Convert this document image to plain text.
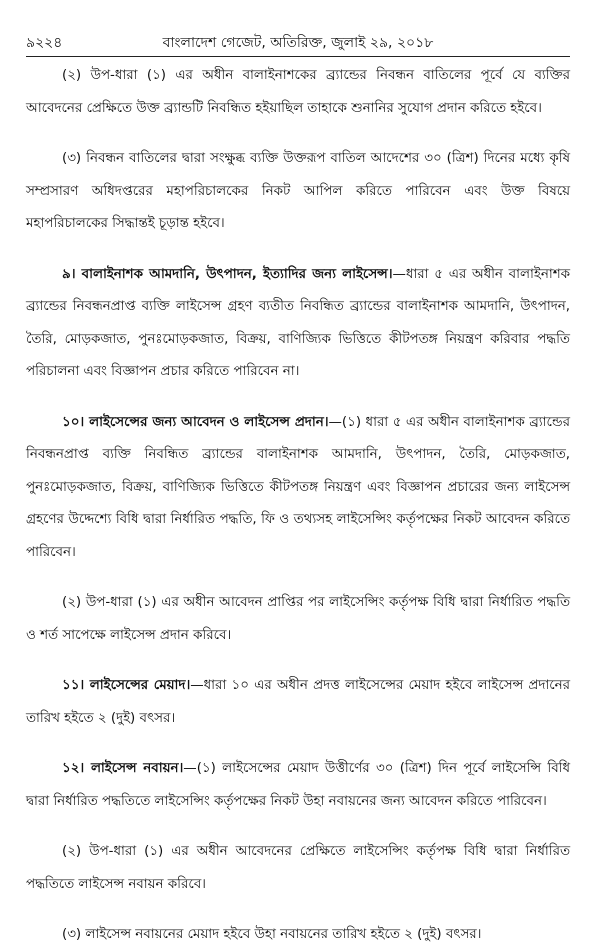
৯২২৪	বাংলাদেশ গেজেট, অতিরিক্ত, জুলাই ২৯, ২০১৮

(২) উপ-ধারা (১) এর অধীন বালাইনাশকের ব্র্যান্ডের নিবন্ধন বাতিলের পূর্বে যে ব্যক্তির আবেদনের প্রেক্ষিতে উক্ত ব্র্যান্ডটি নিবন্ধিত হইয়াছিল তাহাকে শুনানির সুযোগ প্রদান করিতে হইবে।

(৩) নিবন্ধন বাতিলের দ্বারা সংক্ষুব্ধ ব্যক্তি উক্তরূপ বাতিল আদেশের ৩০ (ত্রিশ) দিনের মধ্যে কৃষি সম্প্রসারণ অধিদপ্তরের মহাপরিচালকের নিকট আপিল করিতে পারিবেন এবং উক্ত বিষয়ে মহাপরিচালকের সিদ্ধান্তই চূড়ান্ত হইবে।

৯। বালাইনাশক আমদানি, উৎপাদন, ইত্যাদির জন্য লাইসেন্স।—ধারা ৫ এর অধীন বালাইনাশক ব্র্যান্ডের নিবন্ধনপ্রাপ্ত ব্যক্তি লাইসেন্স গ্রহণ ব্যতীত নিবন্ধিত ব্র্যান্ডের বালাইনাশক আমদানি, উৎপাদন, তৈরি, মোড়কজাত, পুনঃমোড়কজাত, বিক্রয়, বাণিজ্যিক ভিত্তিতে কীটপতঙ্গ নিয়ন্ত্রণ করিবার পদ্ধতি পরিচালনা এবং বিজ্ঞাপন প্রচার করিতে পারিবেন না।

১০। লাইসেন্সের জন্য আবেদন ও লাইসেন্স প্রদান।—(১) ধারা ৫ এর অধীন বালাইনাশক ব্র্যান্ডের নিবন্ধনপ্রাপ্ত ব্যক্তি নিবন্ধিত ব্র্যান্ডের বালাইনাশক আমদানি, উৎপাদন, তৈরি, মোড়কজাত, পুনঃমোড়কজাত, বিক্রয়, বাণিজ্যিক ভিত্তিতে কীটপতঙ্গ নিয়ন্ত্রণ এবং বিজ্ঞাপন প্রচারের জন্য লাইসেন্স গ্রহণের উদ্দেশ্যে বিধি দ্বারা নির্ধারিত পদ্ধতি, ফি ও তথ্যসহ লাইসেন্সিং কর্তৃপক্ষের নিকট আবেদন করিতে পারিবেন।

(২) উপ-ধারা (১) এর অধীন আবেদন প্রাপ্তির পর লাইসেন্সিং কর্তৃপক্ষ বিধি দ্বারা নির্ধারিত পদ্ধতি ও শর্ত সাপেক্ষে লাইসেন্স প্রদান করিবে।

১১। লাইসেন্সের মেয়াদ।—ধারা ১০ এর অধীন প্রদত্ত লাইসেন্সের মেয়াদ হইবে লাইসেন্স প্রদানের তারিখ হইতে ২ (দুই) বৎসর।

১২। লাইসেন্স নবায়ন।—(১) লাইসেন্সের মেয়াদ উত্তীর্ণের ৩০ (ত্রিশ) দিন পূর্বে লাইসেন্সি বিধি দ্বারা নির্ধারিত পদ্ধতিতে লাইসেন্সিং কর্তৃপক্ষের নিকট উহা নবায়নের জন্য আবেদন করিতে পারিবেন।

(২) উপ-ধারা (১) এর অধীন আবেদনের প্রেক্ষিতে লাইসেন্সিং কর্তৃপক্ষ বিধি দ্বারা নির্ধারিত পদ্ধতিতে লাইসেন্স নবায়ন করিবে।

(৩) লাইসেন্স নবায়নের মেয়াদ হইবে উহা নবায়নের তারিখ হইতে ২ (দুই) বৎসর।
